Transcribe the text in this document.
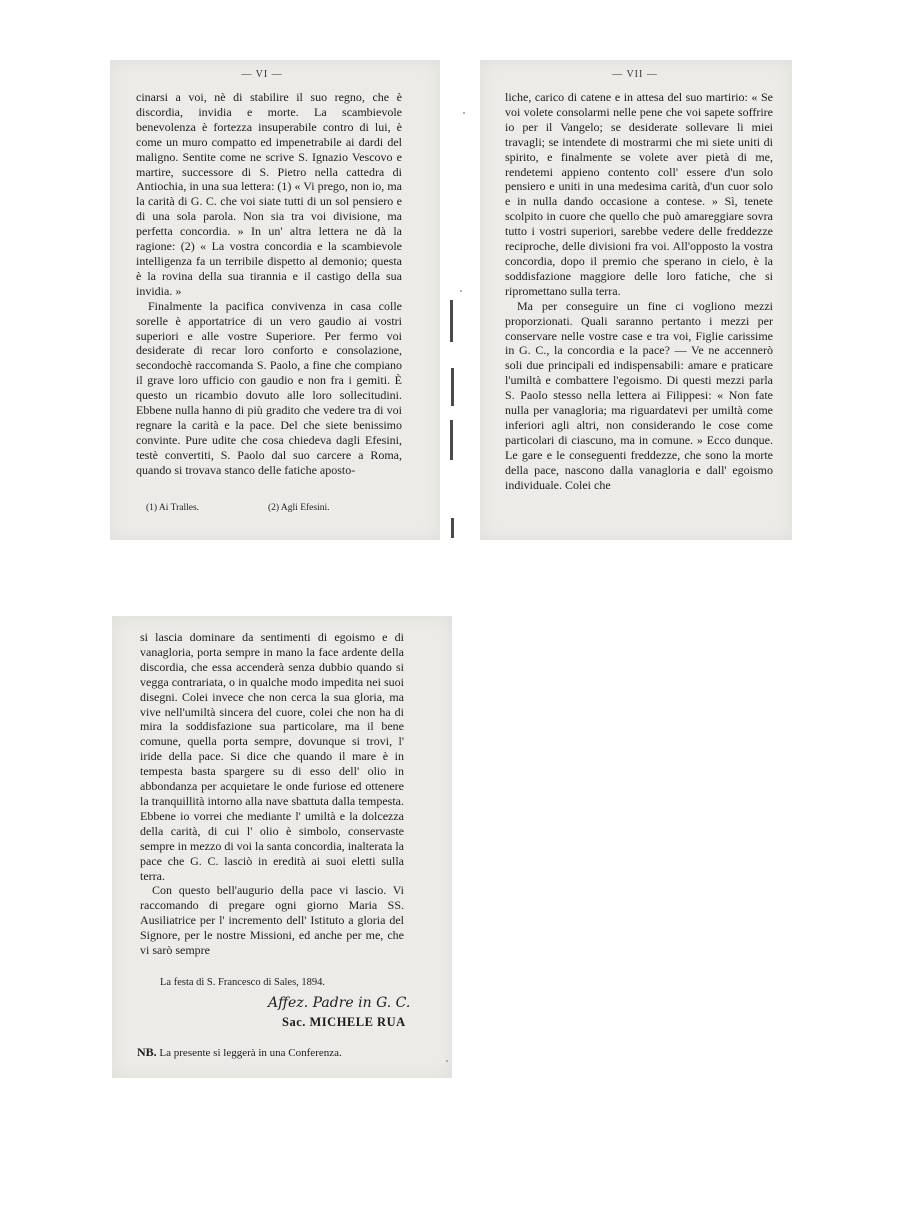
— VI —

cinarsi a voi, nè di stabilire il suo regno, che è discordia, invidia e morte. La scambievole benevolenza è fortezza insuperabile contro di lui, è come un muro compatto ed impenetrabile ai dardi del maligno. Sentite come ne scrive S. Ignazio Vescovo e martire, successore di S. Pietro nella cattedra di Antiochia, in una sua lettera: (1) « Vi prego, non io, ma la carità di G. C. che voi siate tutti di un sol pensiero e di una sola parola. Non sia tra voi divisione, ma perfetta concordia. » In un' altra lettera ne dà la ragione: (2) « La vostra concordia e la scambievole intelligenza fa un terribile dispetto al demonio; questa è la rovina della sua tirannia e il castigo della sua invidia. »

Finalmente la pacifica convivenza in casa colle sorelle è apportatrice di un vero gaudio ai vostri superiori e alle vostre Superiore. Per fermo voi desiderate di recar loro conforto e consolazione, secondochè raccomanda S. Paolo, a fine che compiano il grave loro ufficio con gaudio e non fra i gemiti. È questo un ricambio dovuto alle loro sollecitudini. Ebbene nulla hanno di più gradito che vedere tra di voi regnare la carità e la pace. Del che siete benissimo convinte. Pure udite che cosa chiedeva dagli Efesini, testè convertiti, S. Paolo dal suo carcere a Roma, quando si trovava stanco delle fatiche aposto-

(1) Ai Tralles.	(2) Agli Efesini.
— VII —

liche, carico di catene e in attesa del suo martirio: « Se voi volete consolarmi nelle pene che voi sapete soffrire io per il Vangelo; se desiderate sollevare li miei travagli; se intendete di mostrarmi che mi siete uniti di spirito, e finalmente se volete aver pietà di me, rendetemi appieno contento coll' essere d'un solo pensiero e uniti in una medesima carità, d'un cuor solo e in nulla dando occasione a contese. » Sì, tenete scolpito in cuore che quello che può amareggiare sovra tutto i vostri superiori, sarebbe vedere delle freddezze reciproche, delle divisioni fra voi. All'opposto la vostra concordia, dopo il premio che sperano in cielo, è la soddisfazione maggiore delle loro fatiche, che si ripromettano sulla terra.

Ma per conseguire un fine ci vogliono mezzi proporzionati. Quali saranno pertanto i mezzi per conservare nelle vostre case e tra voi, Figlie carissime in G. C., la concordia e la pace? — Ve ne accennerò soli due principali ed indispensabili: amare e praticare l'umiltà e combattere l'egoismo. Di questi mezzi parla S. Paolo stesso nella lettera ai Filippesi: « Non fate nulla per vanagloria; ma riguardatevi per umiltà come inferiori agli altri, non considerando le cose come particolari di ciascuno, ma in comune. » Ecco dunque. Le gare e le conseguenti freddezze, che sono la morte della pace, nascono dalla vanagloria e dall' egoismo individuale. Colei che

si lascia dominare da sentimenti di egoismo e di vanagloria, porta sempre in mano la face ardente della discordia, che essa accenderà senza dubbio quando si vegga contrariata, o in qualche modo impedita nei suoi disegni. Colei invece che non cerca la sua gloria, ma vive nell'umiltà sincera del cuore, colei che non ha di mira la soddisfazione sua particolare, ma il bene comune, quella porta sempre, dovunque si trovi, l' iride della pace. Si dice che quando il mare è in tempesta basta spargere su di esso dell' olio in abbondanza per acquietare le onde furiose ed ottenere la tranquillità intorno alla nave sbattuta dalla tempesta. Ebbene io vorrei che mediante l' umiltà e la dolcezza della carità, di cui l' olio è simbolo, conservaste sempre in mezzo di voi la santa concordia, inalterata la pace che G. C. lasciò in eredità ai suoi eletti sulla terra.

Con questo bell'augurio della pace vi lascio. Vi raccomando di pregare ogni giorno Maria SS. Ausiliatrice per l' incremento dell' Istituto a gloria del Signore, per le nostre Missioni, ed anche per me, che vi sarò sempre

La festa di S. Francesco di Sales, 1894.
Affez. Padre in G. C.
Sac. MICHELE RUA
NB. La presente si leggerà in una Conferenza.
